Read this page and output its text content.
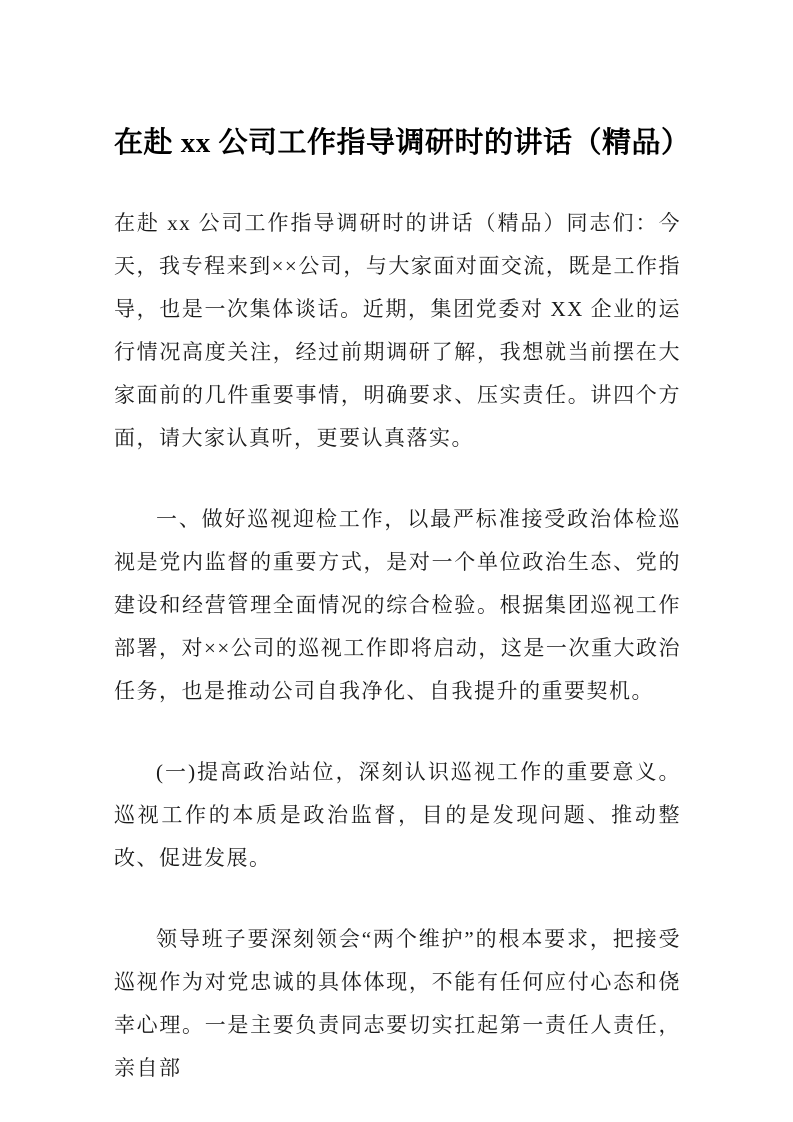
在赴 xx 公司工作指导调研时的讲话（精品）

在赴 xx 公司工作指导调研时的讲话（精品）同志们：今天，我专程来到××公司，与大家面对面交流，既是工作指导，也是一次集体谈话。近期，集团党委对 XX 企业的运行情况高度关注，经过前期调研了解，我想就当前摆在大家面前的几件重要事情，明确要求、压实责任。讲四个方面，请大家认真听，更要认真落实。

一、做好巡视迎检工作，以最严标准接受政治体检巡视是党内监督的重要方式，是对一个单位政治生态、党的建设和经营管理全面情况的综合检验。根据集团巡视工作部署，对××公司的巡视工作即将启动，这是一次重大政治任务，也是推动公司自我净化、自我提升的重要契机。

(一)提高政治站位，深刻认识巡视工作的重要意义。巡视工作的本质是政治监督，目的是发现问题、推动整改、促进发展。

领导班子要深刻领会“两个维护”的根本要求，把接受巡视作为对党忠诚的具体体现，不能有任何应付心态和侥幸心理。一是主要负责同志要切实扛起第一责任人责任，亲自部
